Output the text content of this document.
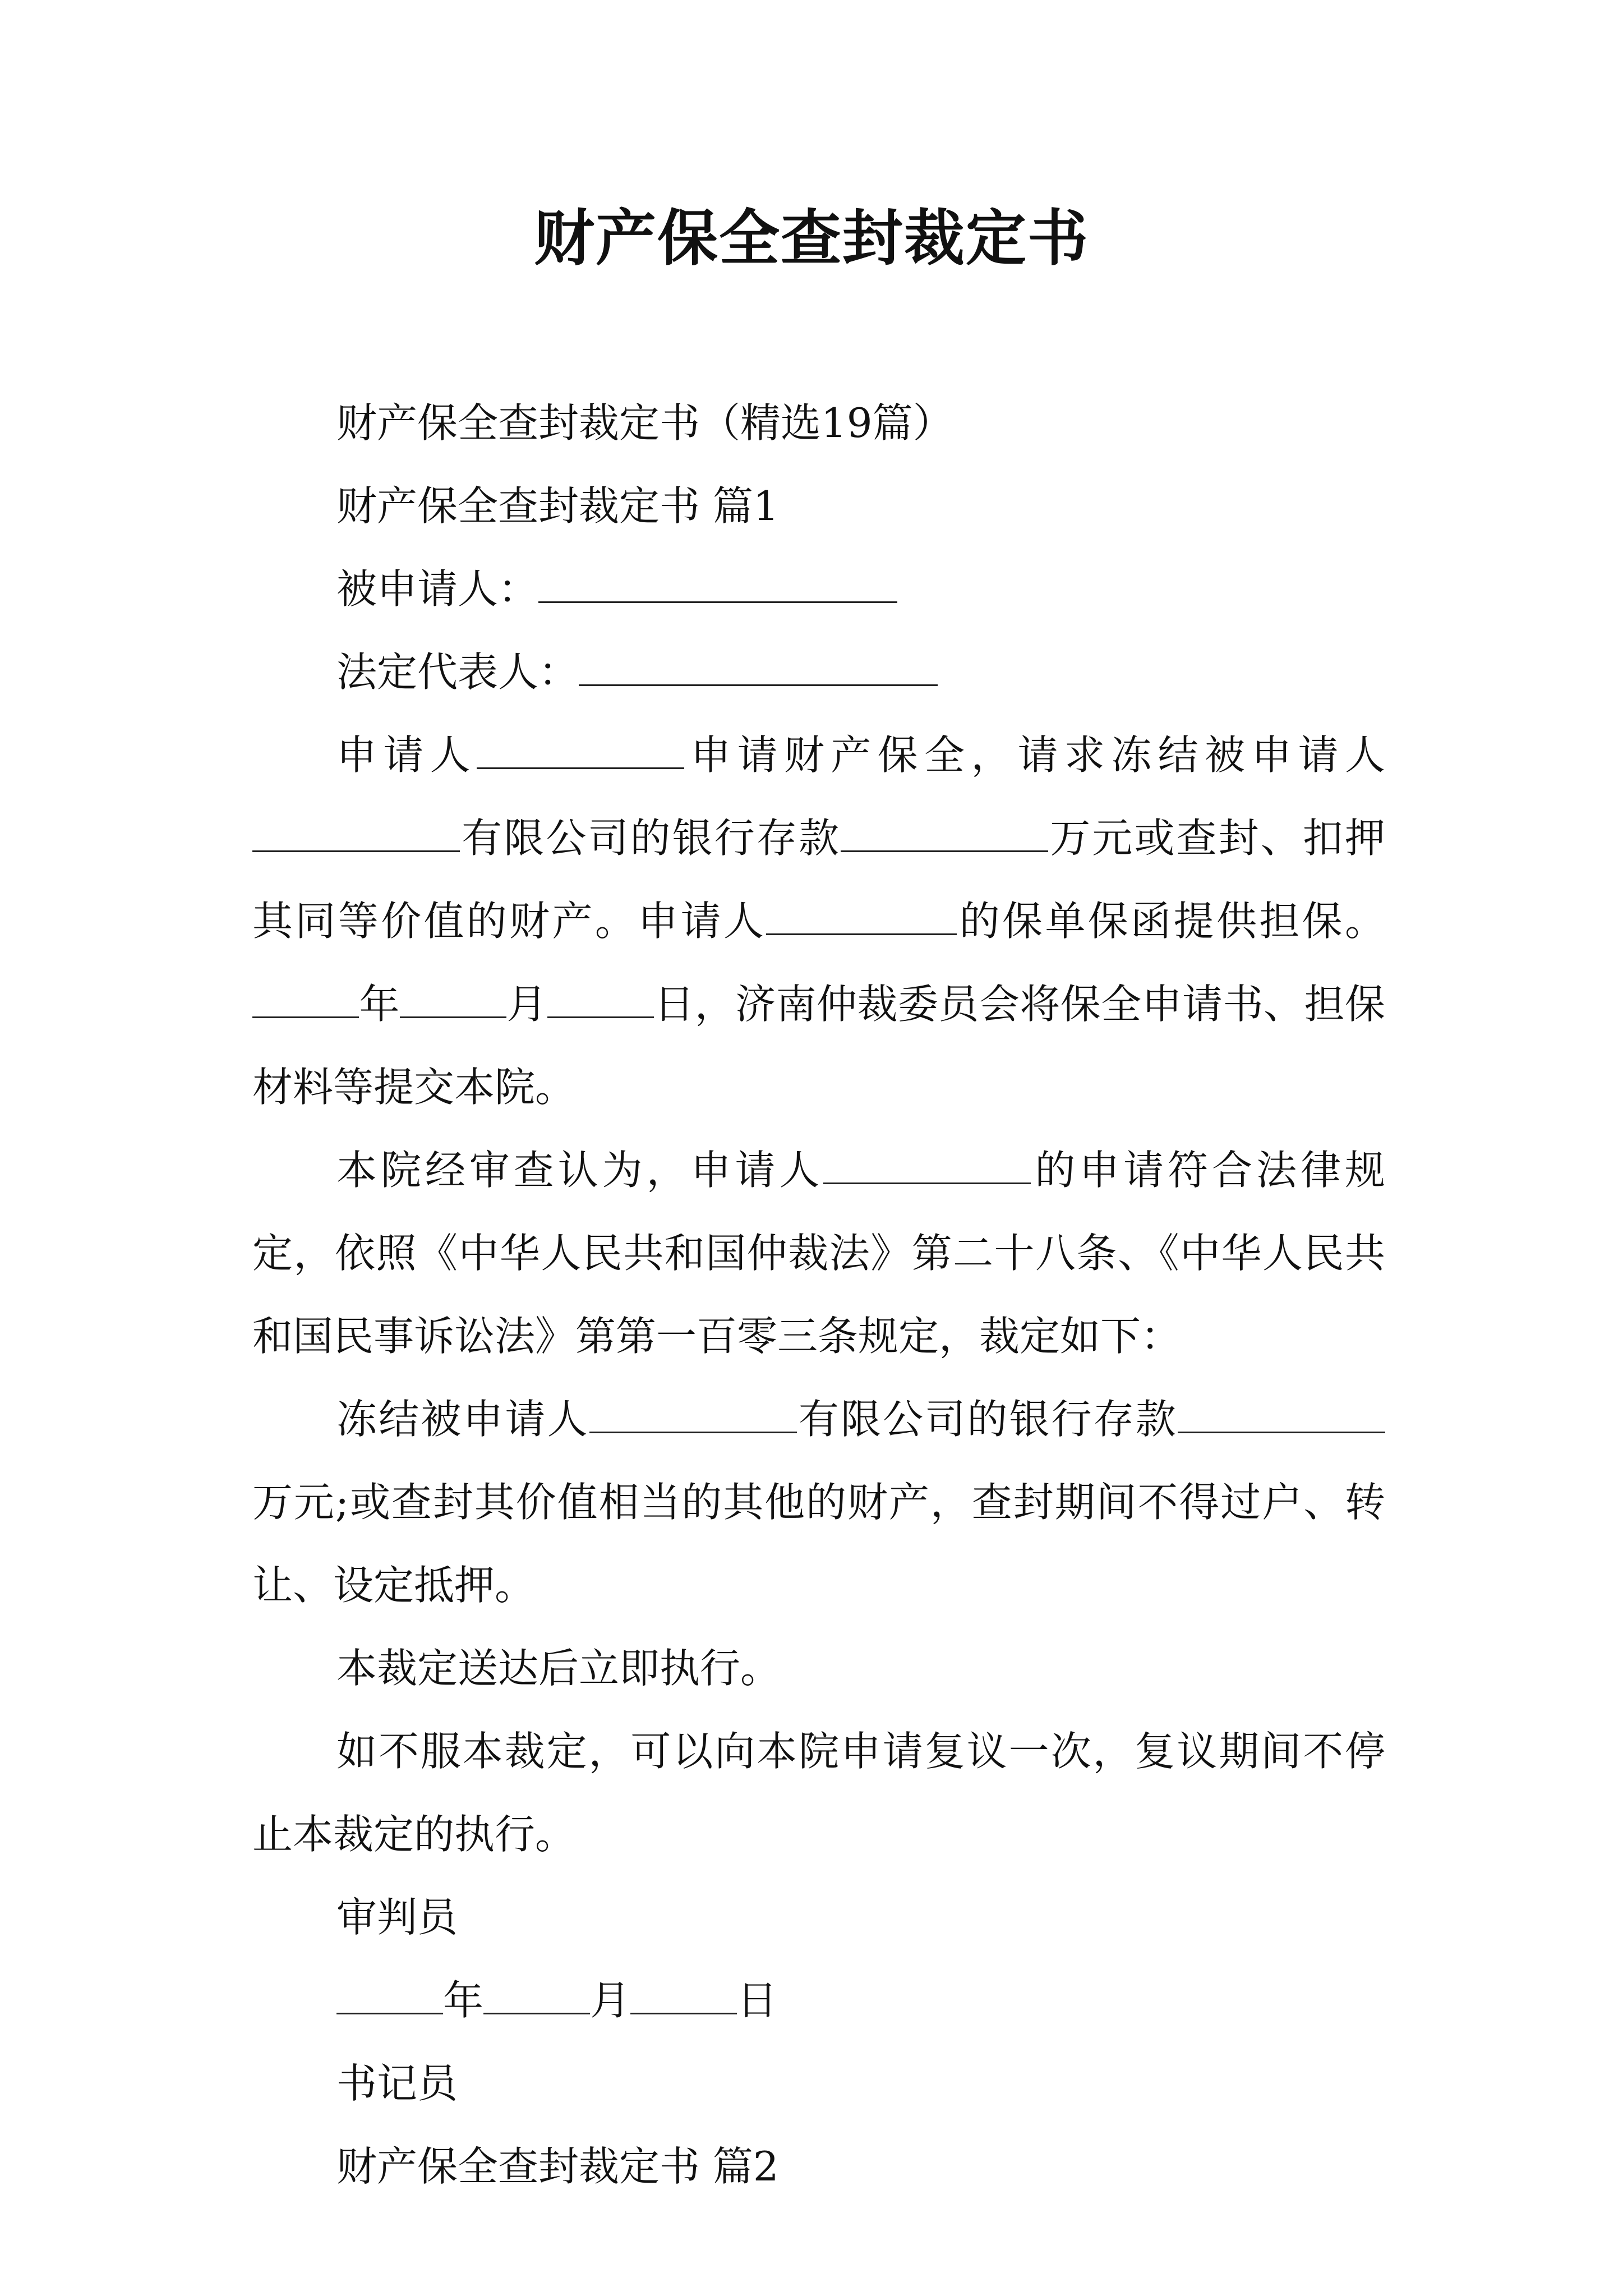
财产保全查封裁定书

财产保全查封裁定书（精选19篇）

财产保全查封裁定书 篇1

被申请人：

法定代表人：

申请人	申请财产保全，请求冻结被申请人有限公司的银行存款	万元或查封、扣押其同等价值的财产。申请人	的保单保函提供担保。年	月	日，济南仲裁委员会将保全申请书、担保材料等提交本院。

本院经审查认为，申请人	的申请符合法律规定，依照《中华人民共和国仲裁法》第二十八条、《中华人民共和国民事诉讼法》第第一百零三条规定，裁定如下：

冻结被申请人	有限公司的银行存款万元;或查封其价值相当的其他的财产，查封期间不得过户、转让、设定抵押。

本裁定送达后立即执行。

如不服本裁定，可以向本院申请复议一次，复议期间不停止本裁定的执行。

审判员

年	月	日

书记员

财产保全查封裁定书 篇2
